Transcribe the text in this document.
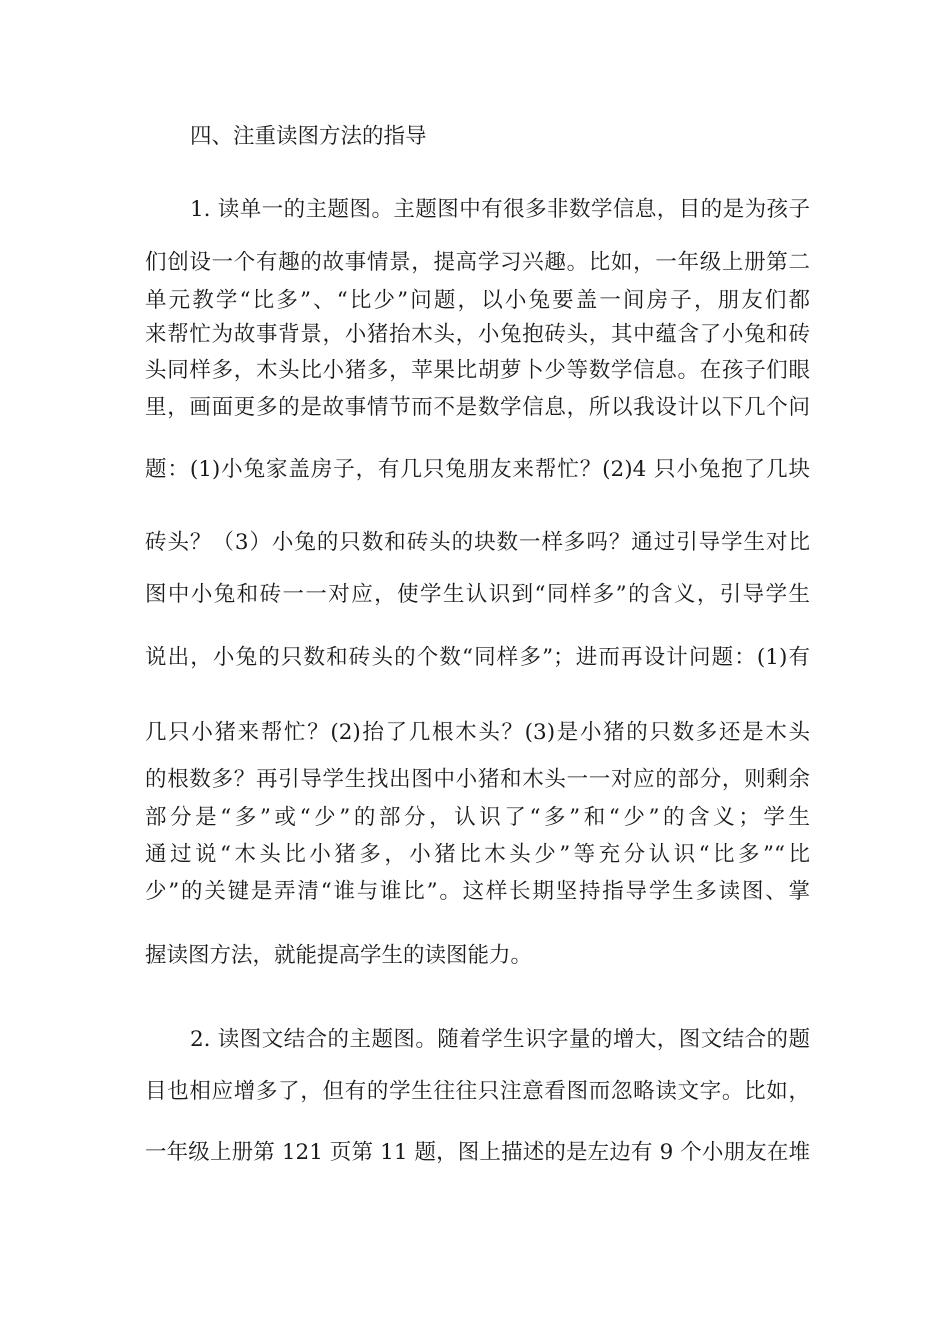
四、注重读图方法的指导
1. 读单一的主题图。主题图中有很多非数学信息，目的是为孩子
们创设一个有趣的故事情景，提高学习兴趣。比如，一年级上册第二
单元教学“比多”、“比少”问题，以小兔要盖一间房子，朋友们都
来帮忙为故事背景，小猪抬木头，小兔抱砖头，其中蕴含了小兔和砖
头同样多，木头比小猪多，苹果比胡萝卜少等数学信息。在孩子们眼
里，画面更多的是故事情节而不是数学信息，所以我设计以下几个问
题：(1)小兔家盖房子，有几只兔朋友来帮忙？(2)4 只小兔抱了几块
砖头？（3）小兔的只数和砖头的块数一样多吗？通过引导学生对比
图中小兔和砖一一对应，使学生认识到“同样多”的含义，引导学生
说出，小兔的只数和砖头的个数“同样多”；进而再设计问题：(1)有
几只小猪来帮忙？(2)抬了几根木头？(3)是小猪的只数多还是木头
的根数多？再引导学生找出图中小猪和木头一一对应的部分，则剩余
部分是“多”或“少”的部分，认识了“多”和“少”的含义；学生
通过说“木头比小猪多，小猪比木头少”等充分认识“比多”“比
少”的关键是弄清“谁与谁比”。这样长期坚持指导学生多读图、掌
握读图方法，就能提高学生的读图能力。
2. 读图文结合的主题图。随着学生识字量的增大，图文结合的题
目也相应增多了，但有的学生往往只注意看图而忽略读文字。比如，
一年级上册第 121 页第 11 题，图上描述的是左边有 9 个小朋友在堆
